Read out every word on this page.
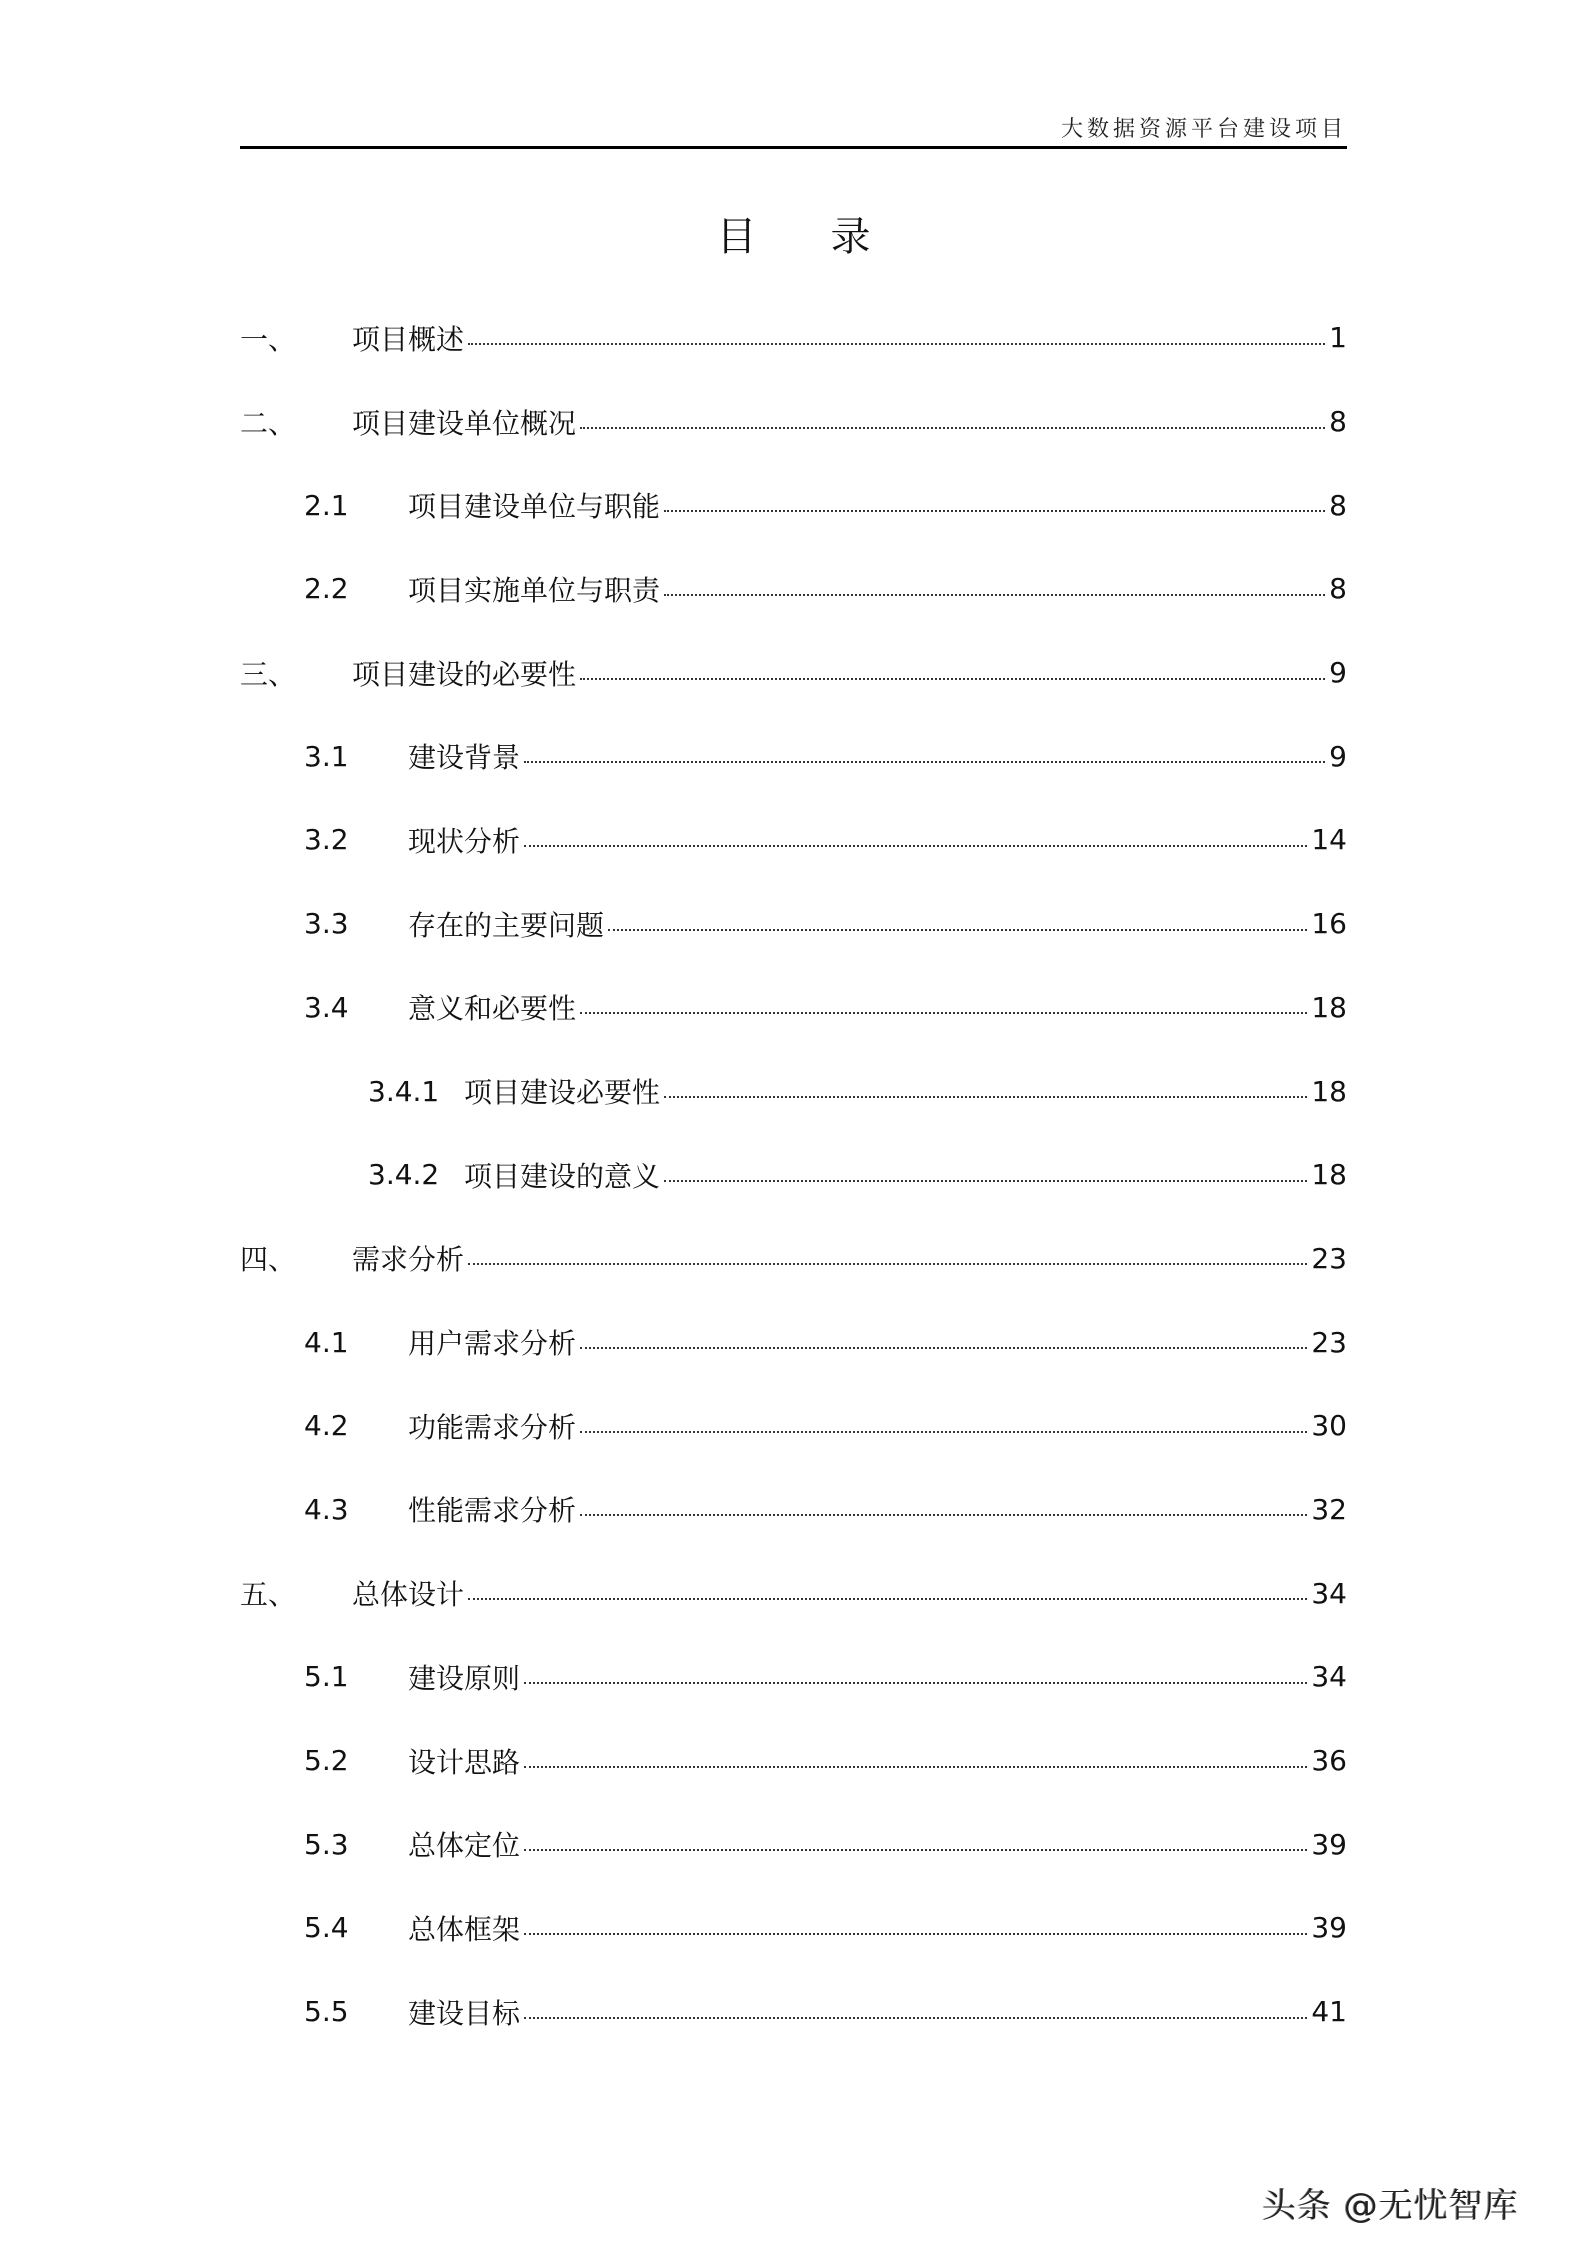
大数据资源平台建设项目
目 录
一、	项目概述	1
二、	项目建设单位概况	8
2.1	项目建设单位与职能	8
2.2	项目实施单位与职责	8
三、	项目建设的必要性	9
3.1	建设背景	9
3.2	现状分析	14
3.3	存在的主要问题	16
3.4	意义和必要性	18
3.4.1 项目建设必要性	18
3.4.2 项目建设的意义	18
四、	需求分析	23
4.1	用户需求分析	23
4.2	功能需求分析	30
4.3	性能需求分析	32
五、	总体设计	34
5.1	建设原则	34
5.2	设计思路	36
5.3	总体定位	39
5.4	总体框架	39
5.5	建设目标	41
头条 @无忧智库
